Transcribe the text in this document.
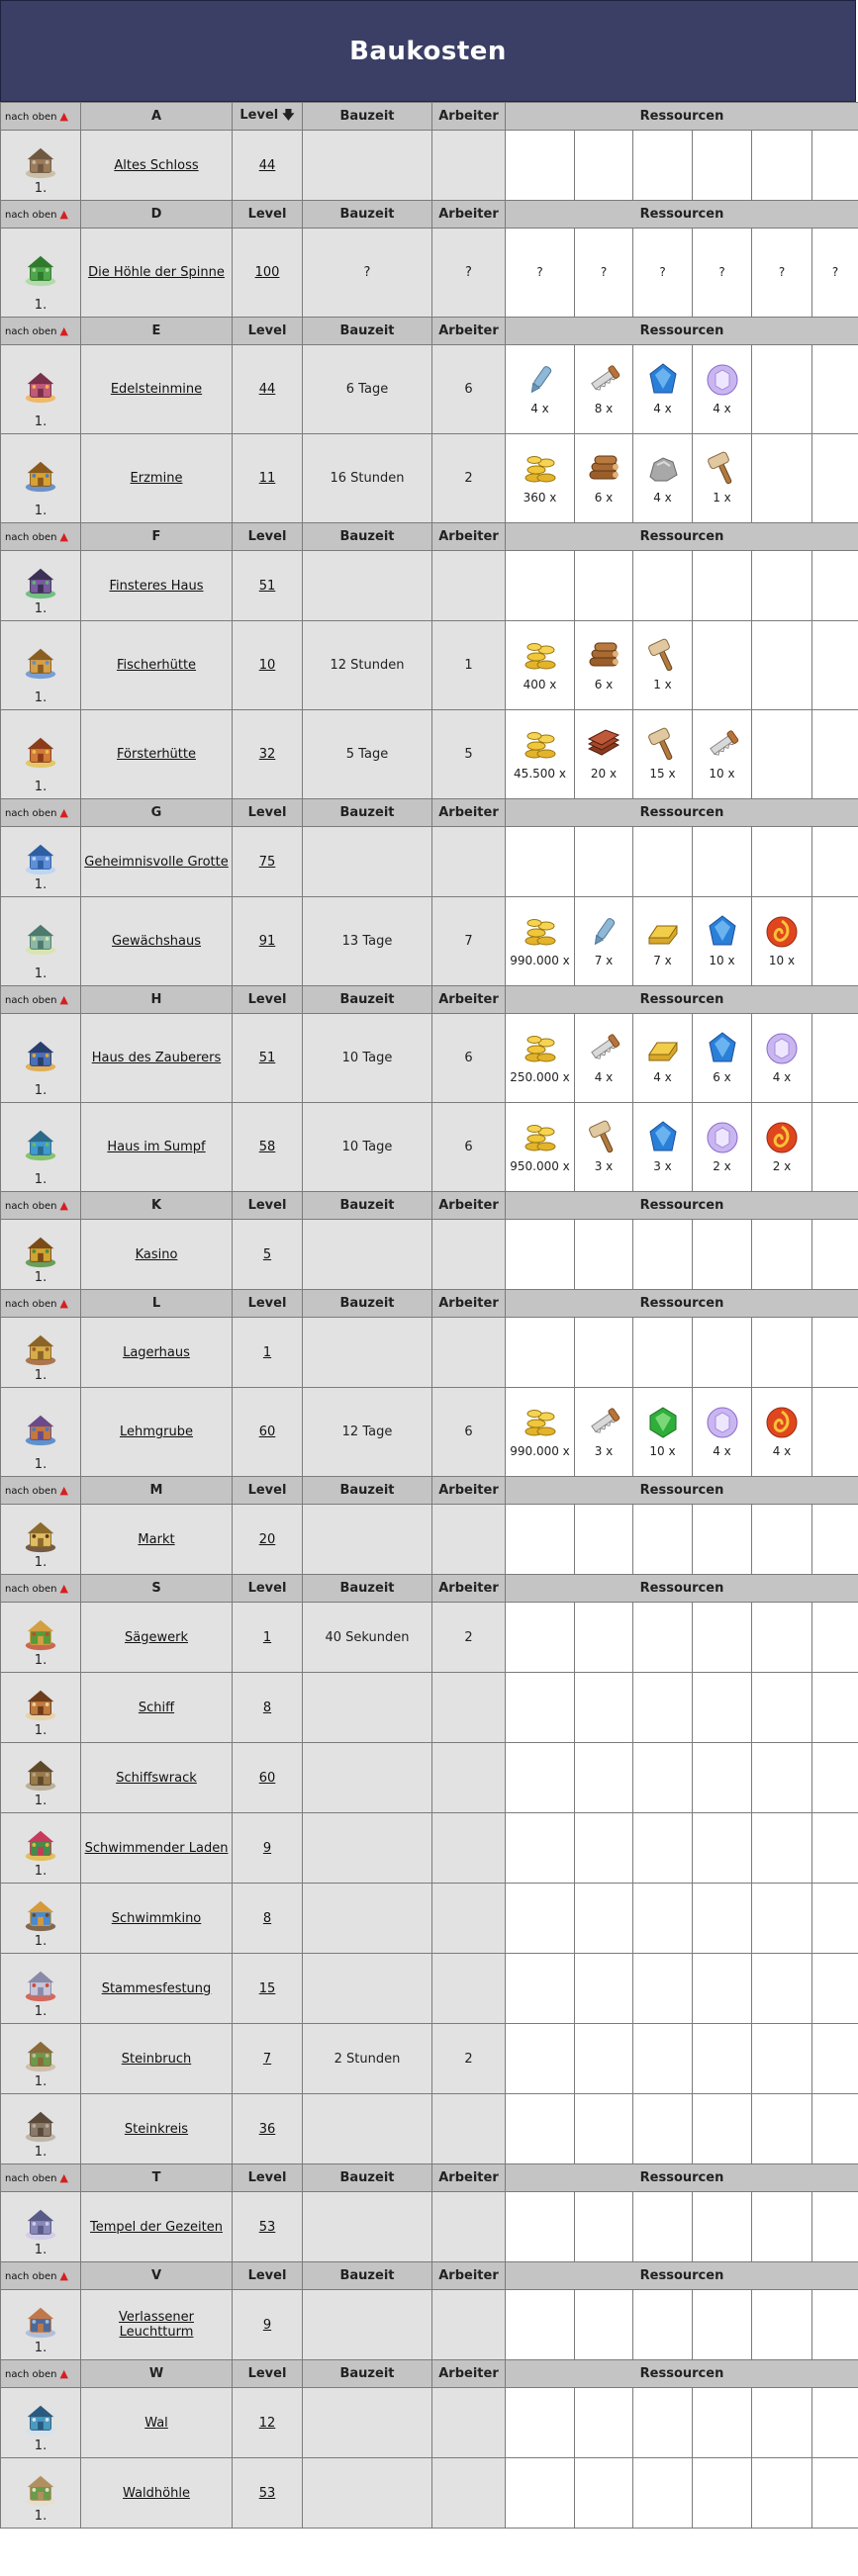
Baukosten
nach oben ▲	A	Level 🡇	Bauzeit	Arbeiter	Ressourcen					

1.	Altes Schloss	44								
nach oben ▲	D	Level	Bauzeit	Arbeiter	Ressourcen					

1.	Die Höhle der Spinne	100	?	?	?	?	?	?	?	?

nach oben ▲	E	Level	Bauzeit	Arbeiter	Ressourcen					

1.	Edelsteinmine	44	6 Tage	6	4 x	8 x	4 x	4 x		

1.	Erzmine	11	16 Stunden	2	360 x	6 x	4 x	1 x		

nach oben ▲	F	Level	Bauzeit	Arbeiter	Ressourcen					

1.	Finsteres Haus	51								

1.	Fischerhütte	10	12 Stunden	1	400 x	6 x	1 x			

1.	Försterhütte	32	5 Tage	5	45.500 x	20 x	15 x	10 x		

nach oben ▲	G	Level	Bauzeit	Arbeiter	Ressourcen					

1.	Geheimnisvolle Grotte	75								

1.	Gewächshaus	91	13 Tage	7	990.000 x	7 x	7 x	10 x	10 x	

nach oben ▲	H	Level	Bauzeit	Arbeiter	Ressourcen					

1.	Haus des Zauberers	51	10 Tage	6	250.000 x	4 x	4 x	6 x	4 x	

1.	Haus im Sumpf	58	10 Tage	6	950.000 x	3 x	3 x	2 x	2 x	

nach oben ▲	K	Level	Bauzeit	Arbeiter	Ressourcen					

1.	Kasino	5								
nach oben ▲	L	Level	Bauzeit	Arbeiter	Ressourcen					

1.	Lagerhaus	1								

1.	Lehmgrube	60	12 Tage	6	990.000 x	3 x	10 x	4 x	4 x	

nach oben ▲	M	Level	Bauzeit	Arbeiter	Ressourcen					

1.	Markt	20								
nach oben ▲	S	Level	Bauzeit	Arbeiter	Ressourcen					

1.	Sägewerk	1	40 Sekunden	2						

1.	Schiff	8								

1.	Schiffswrack	60								

1.	Schwimmender Laden	9								

1.	Schwimmkino	8								

1.	Stammesfestung	15								

1.	Steinbruch	7	2 Stunden	2						

1.	Steinkreis	36								
nach oben ▲	T	Level	Bauzeit	Arbeiter	Ressourcen					

1.	Tempel der Gezeiten	53								
nach oben ▲	V	Level	Bauzeit	Arbeiter	Ressourcen					

1.	Verlassener Leuchtturm	9								
nach oben ▲	W	Level	Bauzeit	Arbeiter	Ressourcen					

1.	Wal	12								

1.	Waldhöhle	53								
